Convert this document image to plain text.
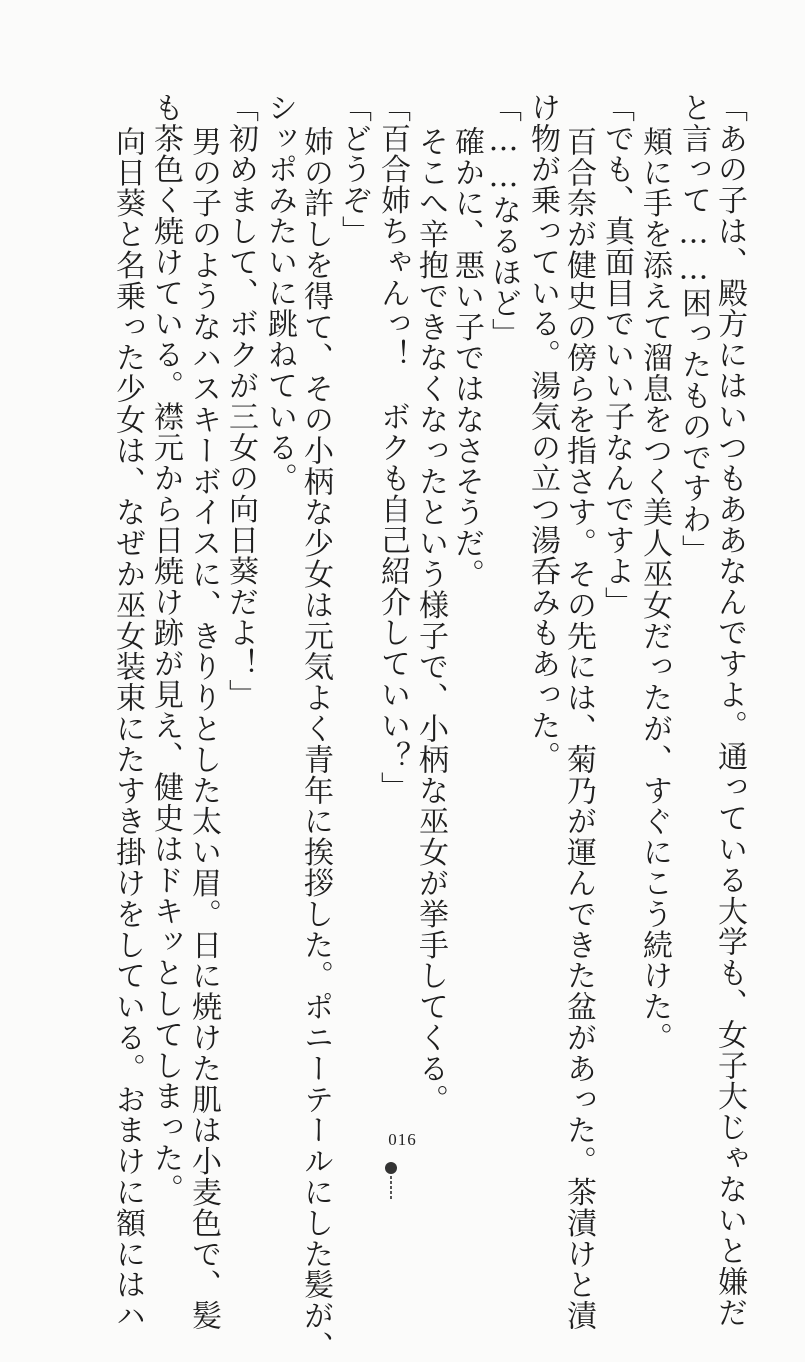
「あの子は、殿方にはいつもああなんですよ。通っている大学も、女子大じゃないと嫌だ
と言って……困ったものですわ」
頬に手を添えて溜息をつく美人巫女だったが、すぐにこう続けた。
「でも、真面目でいい子なんですよ」
百合奈が健史の傍らを指さす。その先には、菊乃が運んできた盆があった。茶漬けと漬
け物が乗っている。湯気の立つ湯呑みもあった。
「……なるほど」
確かに、悪い子ではなさそうだ。
そこへ辛抱できなくなったという様子で、小柄な巫女が挙手してくる。
「百合姉ちゃんっ！　ボクも自己紹介していい？」
「どうぞ」
姉の許しを得て、その小柄な少女は元気よく青年に挨拶した。ポニーテールにした髪が、
シッポみたいに跳ねている。
「初めまして、ボクが三女の向日葵だよ！」
男の子のようなハスキーボイスに、きりりとした太い眉。日に焼けた肌は小麦色で、髪
も茶色く焼けている。襟元から日焼け跡が見え、健史はドキッとしてしまった。
向日葵と名乗った少女は、なぜか巫女装束にたすき掛けをしている。おまけに額にはハ	016
